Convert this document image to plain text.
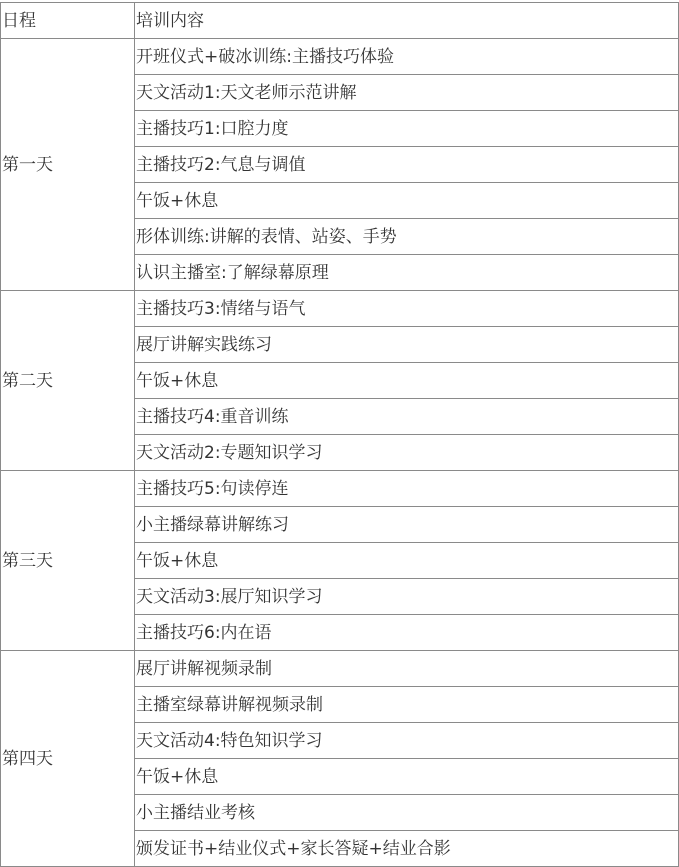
日程	培训内容
第一天	开班仪式+破冰训练:主播技巧体验
	天文活动1:天文老师示范讲解
	主播技巧1:口腔力度
	主播技巧2:气息与调值
	午饭+休息
	形体训练:讲解的表情、站姿、手势
	认识主播室:了解绿幕原理
第二天	主播技巧3:情绪与语气
	展厅讲解实践练习
	午饭+休息
	主播技巧4:重音训练
	天文活动2:专题知识学习
第三天	主播技巧5:句读停连
	小主播绿幕讲解练习
	午饭+休息
	天文活动3:展厅知识学习
	主播技巧6:内在语
第四天	展厅讲解视频录制
	主播室绿幕讲解视频录制
	天文活动4:特色知识学习
	午饭+休息
	小主播结业考核
	颁发证书+结业仪式+家长答疑+结业合影
